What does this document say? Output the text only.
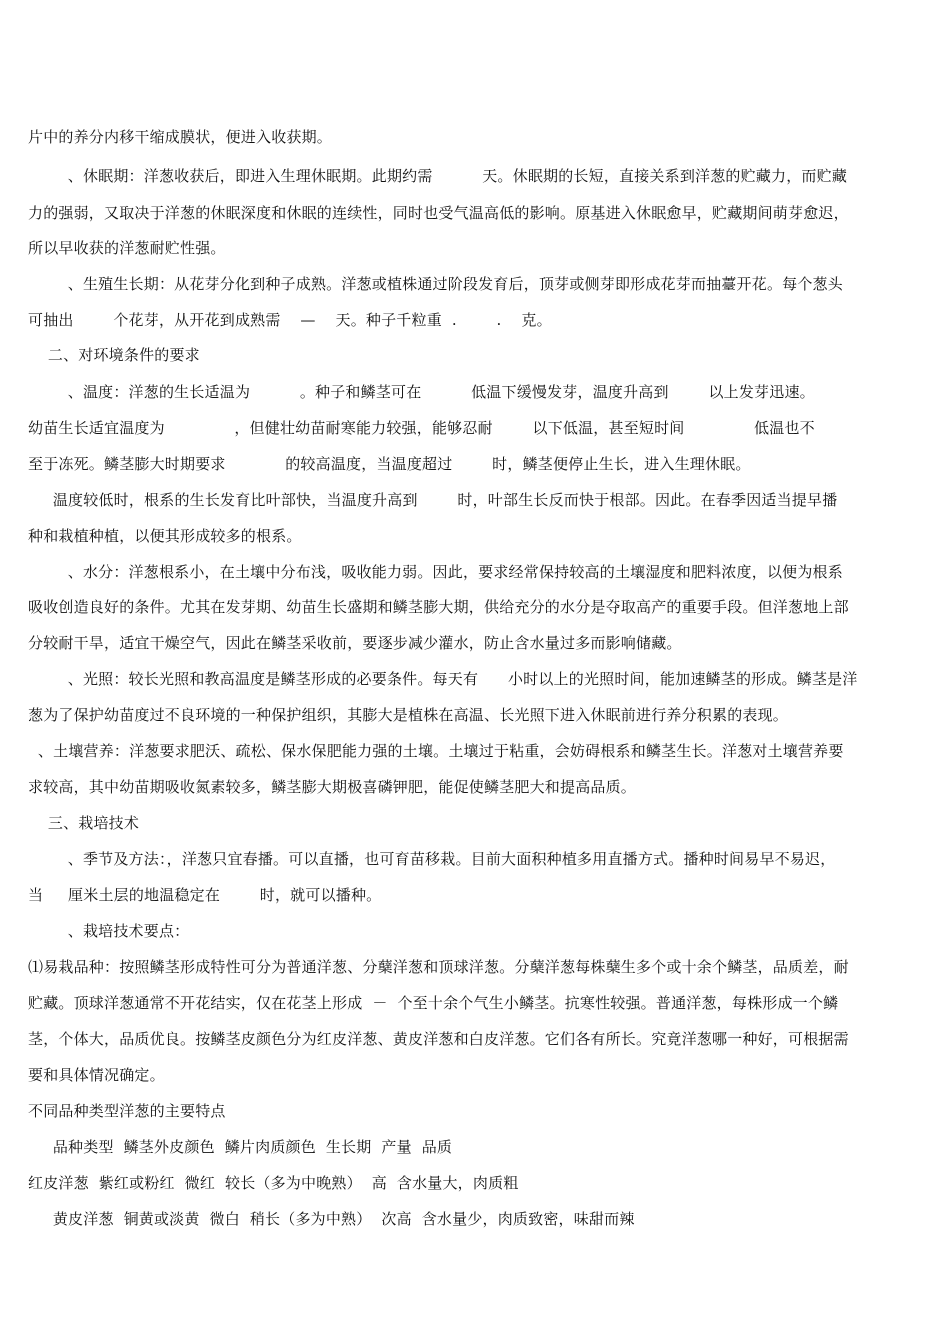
片中的养分内移干缩成膜状，便进入收获期。
、休眠期：洋葱收获后，即进入生理休眠期。此期约需          天。休眠期的长短，直接关系到洋葱的贮藏力，而贮藏
力的强弱，又取决于洋葱的休眠深度和休眠的连续性，同时也受气温高低的影响。原基进入休眠愈早，贮藏期间萌芽愈迟，
所以早收获的洋葱耐贮性强。
、生殖生长期：从花芽分化到种子成熟。洋葱或植株通过阶段发育后，顶芽或侧芽即形成花芽而抽薹开花。每个葱头
可抽出        个花芽，从开花到成熟需    —    天。种子千粒重  .        .    克。
二、对环境条件的要求
、温度：洋葱的生长适温为          。种子和鳞茎可在          低温下缓慢发芽，温度升高到        以上发芽迅速。
幼苗生长适宜温度为              ，但健壮幼苗耐寒能力较强，能够忍耐        以下低温，甚至短时间              低温也不
至于冻死。鳞茎膨大时期要求            的较高温度，当温度超过        时，鳞茎便停止生长，进入生理休眠。
温度较低时，根系的生长发育比叶部快，当温度升高到        时，叶部生长反而快于根部。因此。在春季因适当提早播
种和栽植种植，以便其形成较多的根系。
、水分：洋葱根系小，在土壤中分布浅，吸收能力弱。因此，要求经常保持较高的土壤湿度和肥料浓度，以便为根系
吸收创造良好的条件。尤其在发芽期、幼苗生长盛期和鳞茎膨大期，供给充分的水分是夺取高产的重要手段。但洋葱地上部
分较耐干旱，适宜干燥空气，因此在鳞茎采收前，要逐步减少灌水，防止含水量过多而影响储藏。
、光照：较长光照和教高温度是鳞茎形成的必要条件。每天有      小时以上的光照时间，能加速鳞茎的形成。鳞茎是洋
葱为了保护幼苗度过不良环境的一种保护组织，其膨大是植株在高温、长光照下进入休眠前进行养分积累的表现。
、土壤营养：洋葱要求肥沃、疏松、保水保肥能力强的土壤。土壤过于粘重，会妨碍根系和鳞茎生长。洋葱对土壤营养要
求较高，其中幼苗期吸收氮素较多，鳞茎膨大期极喜磷钾肥，能促使鳞茎肥大和提高品质。
三、栽培技术
、季节及方法：，洋葱只宜春播。可以直播，也可育苗移栽。目前大面积种植多用直播方式。播种时间易早不易迟，
当     厘米土层的地温稳定在        时，就可以播种。
、栽培技术要点：
⑴易栽品种：按照鳞茎形成特性可分为普通洋葱、分蘖洋葱和顶球洋葱。分蘖洋葱每株蘖生多个或十余个鳞茎，品质差，耐
贮藏。顶球洋葱通常不开花结实，仅在花茎上形成  －  个至十余个气生小鳞茎。抗寒性较强。普通洋葱，每株形成一个鳞
茎，个体大，品质优良。按鳞茎皮颜色分为红皮洋葱、黄皮洋葱和白皮洋葱。它们各有所长。究竟洋葱哪一种好，可根据需
要和具体情况确定。
不同品种类型洋葱的主要特点
品种类型  鳞茎外皮颜色  鳞片肉质颜色  生长期  产量  品质
红皮洋葱  紫红或粉红  微红  较长（多为中晚熟）  高  含水量大，肉质粗
黄皮洋葱  铜黄或淡黄  微白  稍长（多为中熟）  次高  含水量少，肉质致密，味甜而辣
